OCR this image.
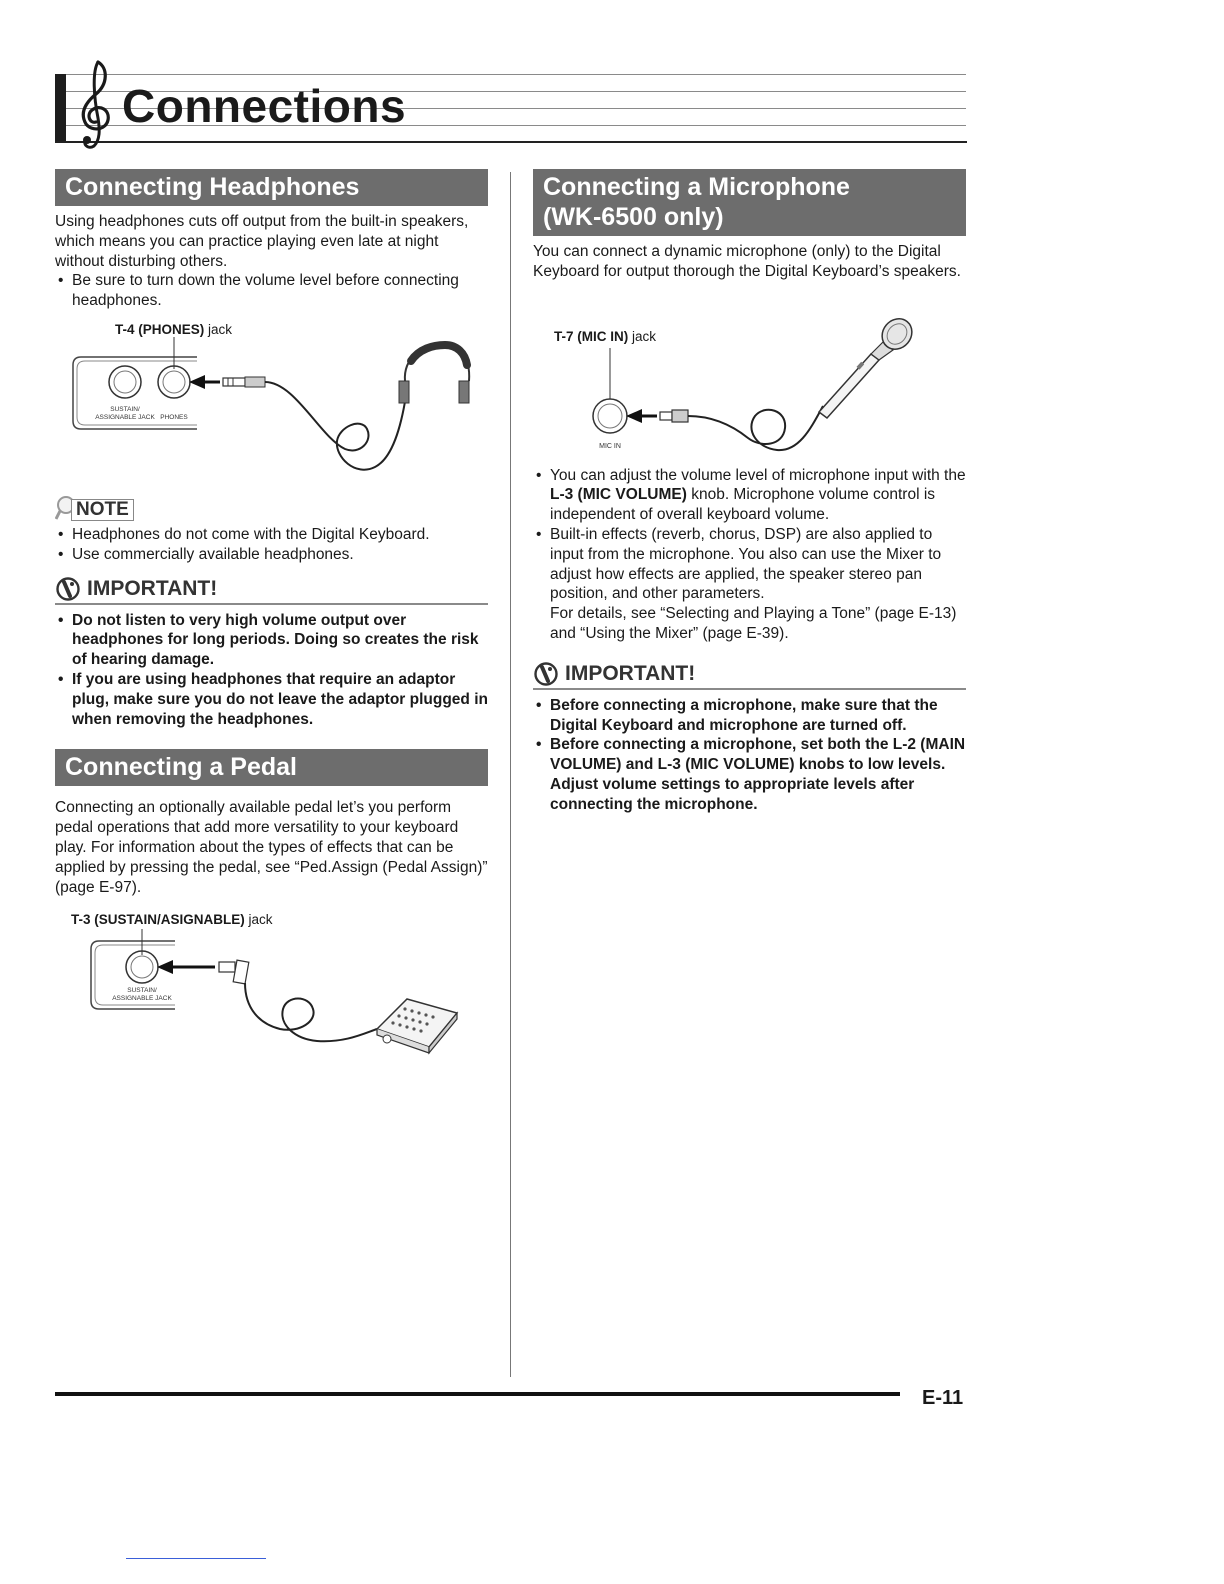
Connections
Connecting Headphones

Using headphones cuts off output from the built-in speakers, which means you can practice playing even late at night without disturbing others.

• Be sure to turn down the volume level before connecting headphones.
T-4 (PHONES) jack
SUSTAIN/
ASSIGNABLE JACK PHONES
NOTE
• Headphones do not come with the Digital Keyboard.
• Use commercially available headphones.
IMPORTANT!
• Do not listen to very high volume output over headphones for long periods. Doing so creates the risk of hearing damage.
• If you are using headphones that require an adaptor plug, make sure you do not leave the adaptor plugged in when removing the headphones.
Connecting a Pedal

Connecting an optionally available pedal let’s you perform pedal operations that add more versatility to your keyboard play. For information about the types of effects that can be applied by pressing the pedal, see “Ped.Assign (Pedal Assign)” (page E-97).

T-3 (SUSTAIN/ASIGNABLE) jack
SUSTAIN/
ASSIGNABLE JACK
Connecting a Microphone
(WK-6500 only)

You can connect a dynamic microphone (only) to the Digital Keyboard for output thorough the Digital Keyboard’s speakers.

T-7 (MIC IN) jack
MIC IN
• You can adjust the volume level of microphone input with the L-3 (MIC VOLUME) knob. Microphone volume control is independent of overall keyboard volume.
• Built-in effects (reverb, chorus, DSP) are also applied to input from the microphone. You also can use the Mixer to adjust how effects are applied, the speaker stereo pan position, and other parameters.
For details, see “Selecting and Playing a Tone” (page E-13) and “Using the Mixer” (page E-39).
IMPORTANT!
• Before connecting a microphone, make sure that the Digital Keyboard and microphone are turned off.
• Before connecting a microphone, set both the L-2 (MAIN VOLUME) and L-3 (MIC VOLUME) knobs to low levels. Adjust volume settings to appropriate levels after connecting the microphone.
E-11
